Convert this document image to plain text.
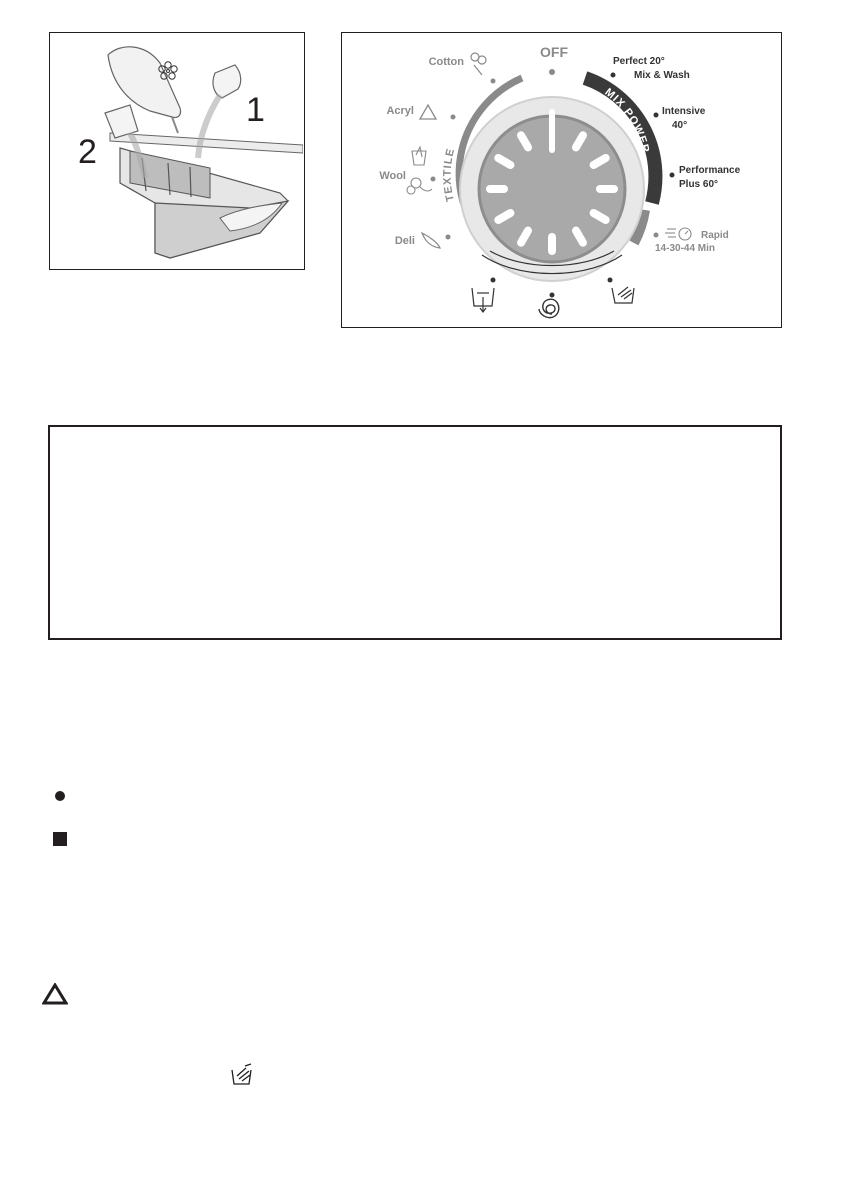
1
2
MIX POWER
TEXTILE
OFF
Cotton
Acryl
Wool
Deli
Perfect 20°
Mix & Wash
Intensive
40°
Performance
Plus 60°
Rapid
14-30-44 Min
